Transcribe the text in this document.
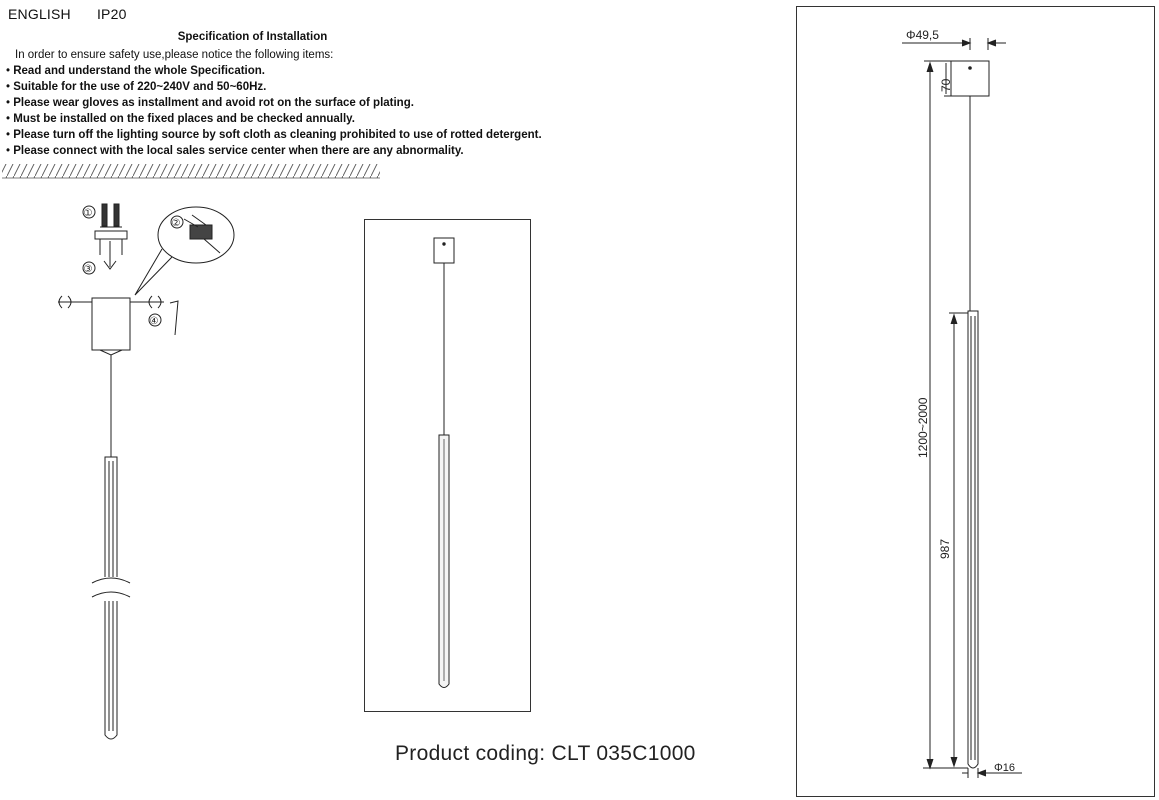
ENGLISH IP20
Specification of Installation
In order to ensure safety use,please notice the following items:
• Read and understand the whole Specification.
• Suitable for the use of 220~240V and 50~60Hz.
• Please wear gloves as installment and avoid rot on the surface of plating.
• Must be installed on the fixed places and be checked annually.
• Please turn off the lighting source by soft cloth as cleaning prohibited to use of rotted detergent.
• Please connect with the local sales service center when there are any abnormality.
①
③
②
④
Product coding: CLT 035C1000
Φ49,5
70
1200~2000
987
Φ16
